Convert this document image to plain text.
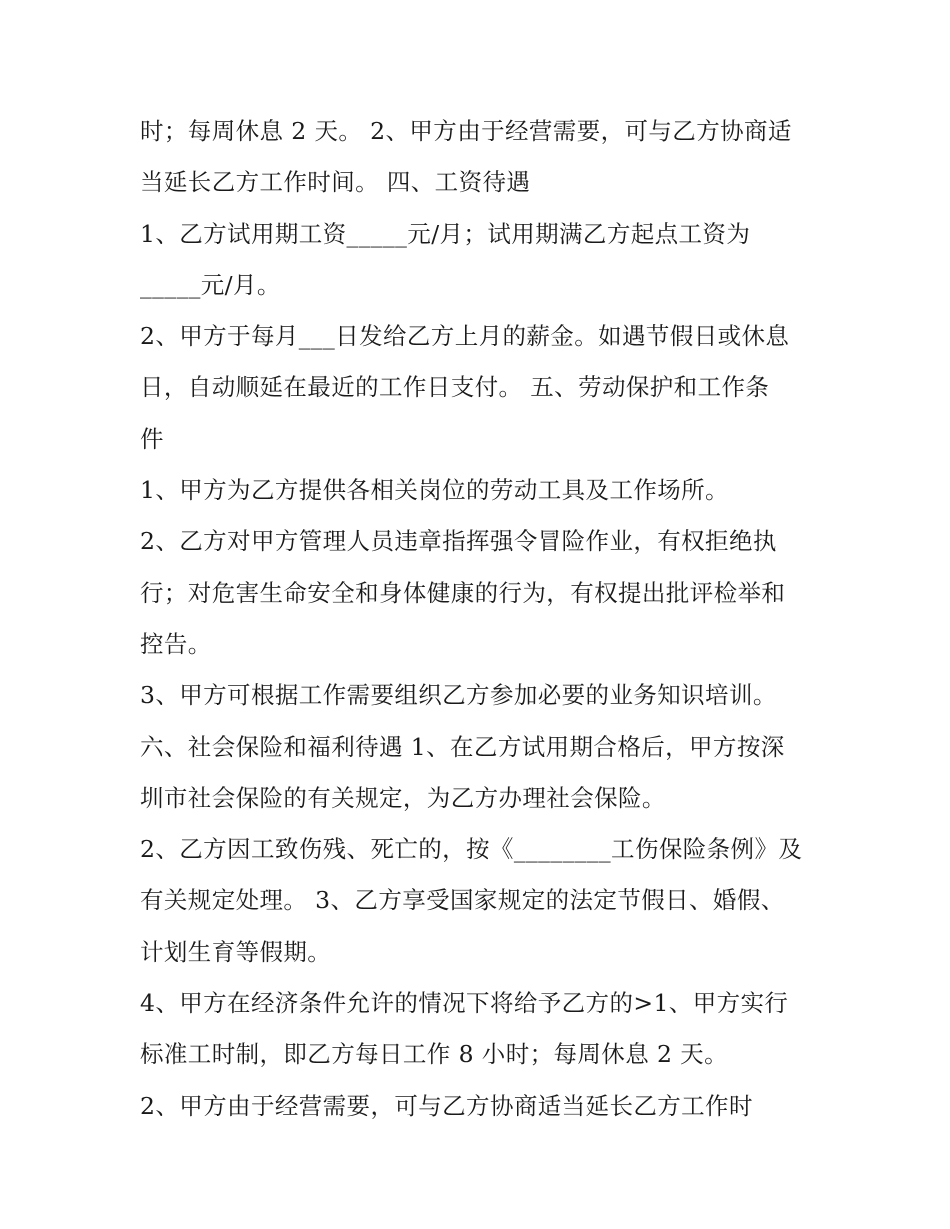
时；每周休息 2 天。 2、甲方由于经营需要，可与乙方协商适
当延长乙方工作时间。 四、工资待遇
1、乙方试用期工资_____元/月；试用期满乙方起点工资为
_____元/月。
2、甲方于每月___日发给乙方上月的薪金。如遇节假日或休息
日，自动顺延在最近的工作日支付。 五、劳动保护和工作条
件
1、甲方为乙方提供各相关岗位的劳动工具及工作场所。
2、乙方对甲方管理人员违章指挥强令冒险作业，有权拒绝执
行；对危害生命安全和身体健康的行为，有权提出批评检举和
控告。
3、甲方可根据工作需要组织乙方参加必要的业务知识培训。
六、社会保险和福利待遇 1、在乙方试用期合格后，甲方按深
圳市社会保险的有关规定，为乙方办理社会保险。
2、乙方因工致伤残、死亡的，按《________工伤保险条例》及
有关规定处理。 3、乙方享受国家规定的法定节假日、婚假、
计划生育等假期。
4、甲方在经济条件允许的情况下将给予乙方的>1、甲方实行
标准工时制，即乙方每日工作 8 小时；每周休息 2 天。
2、甲方由于经营需要，可与乙方协商适当延长乙方工作时
